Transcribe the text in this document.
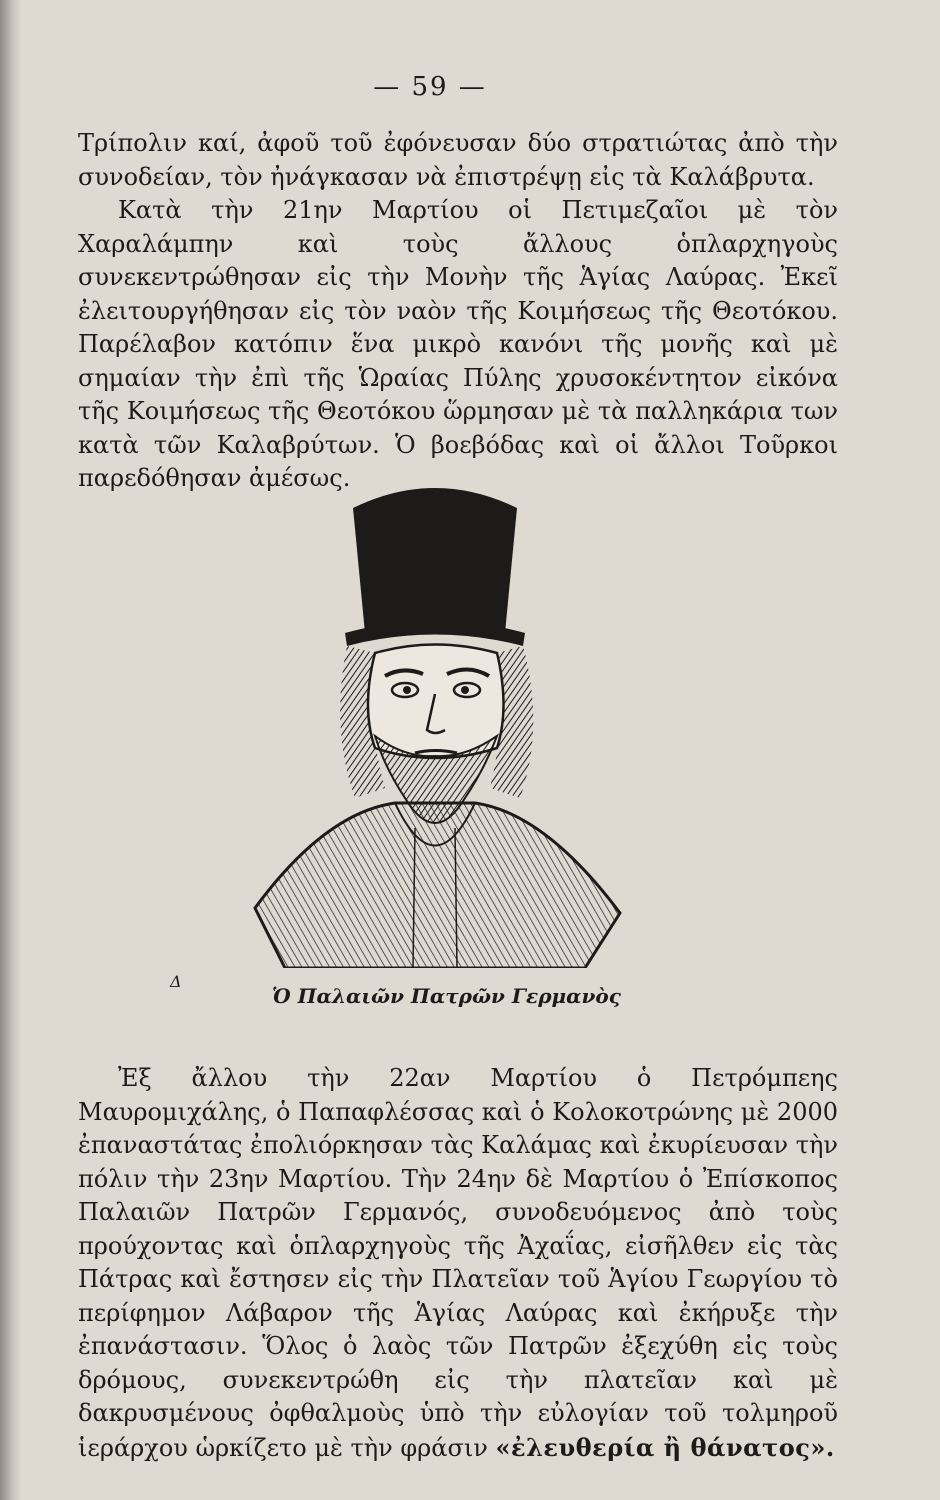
— 59 —

Τρίπολιν καί, ἀφοῦ τοῦ ἐφόνευσαν δύο στρατιώτας ἀπὸ τὴν συνοδείαν, τὸν ἠνάγκασαν νὰ ἐπιστρέψῃ εἰς τὰ Καλάβρυτα.

Κατὰ τὴν 21ην Μαρτίου οἱ Πετιμεζαῖοι μὲ τὸν Χαραλάμπην καὶ τοὺς ἄλλους ὁπλαρχηγοὺς συνεκεντρώθησαν εἰς τὴν Μονὴν τῆς Ἁγίας Λαύρας. Ἐκεῖ ἐλειτουργήθησαν εἰς τὸν ναὸν τῆς Κοιμήσεως τῆς Θεοτόκου. Παρέλαβον κατόπιν ἕνα μικρὸ κανόνι τῆς μονῆς καὶ μὲ σημαίαν τὴν ἐπὶ τῆς Ὡραίας Πύλης χρυσοκέντητον εἰκόνα τῆς Κοιμήσεως τῆς Θεοτόκου ὥρμησαν μὲ τὰ παλληκάρια των κατὰ τῶν Καλαβρύτων. Ὁ βοεβόδας καὶ οἱ ἄλλοι Τοῦρκοι παρεδόθησαν ἀμέσως.

Δ
Ὁ Παλαιῶν Πατρῶν Γερμανὸς

Ἐξ ἄλλου τὴν 22αν Μαρτίου ὁ Πετρόμπεης Μαυρομιχάλης, ὁ Παπαφλέσσας καὶ ὁ Κολοκοτρώνης μὲ 2000 ἐπαναστάτας ἐπολιόρκησαν τὰς Καλάμας καὶ ἐκυρίευσαν τὴν πόλιν τὴν 23ην Μαρτίου. Τὴν 24ην δὲ Μαρτίου ὁ Ἐπίσκοπος Παλαιῶν Πατρῶν Γερμανός, συνοδευόμενος ἀπὸ τοὺς προύχοντας καὶ ὁπλαρχηγοὺς τῆς Ἀχαΐας, εἰσῆλθεν εἰς τὰς Πάτρας καὶ ἔστησεν εἰς τὴν Πλατεῖαν τοῦ Ἁγίου Γεωργίου τὸ περίφημον Λάβαρον τῆς Ἁγίας Λαύρας καὶ ἐκήρυξε τὴν ἐπανάστασιν. Ὅλος ὁ λαὸς τῶν Πατρῶν ἐξεχύθη εἰς τοὺς δρόμους, συνεκεντρώθη εἰς τὴν πλατεῖαν καὶ μὲ δακρυσμένους ὀφθαλμοὺς ὑπὸ τὴν εὐλογίαν τοῦ τολμηροῦ ἱεράρχου ὡρκίζετο μὲ τὴν φράσιν «ἐλευθερία ἢ θάνατος».
